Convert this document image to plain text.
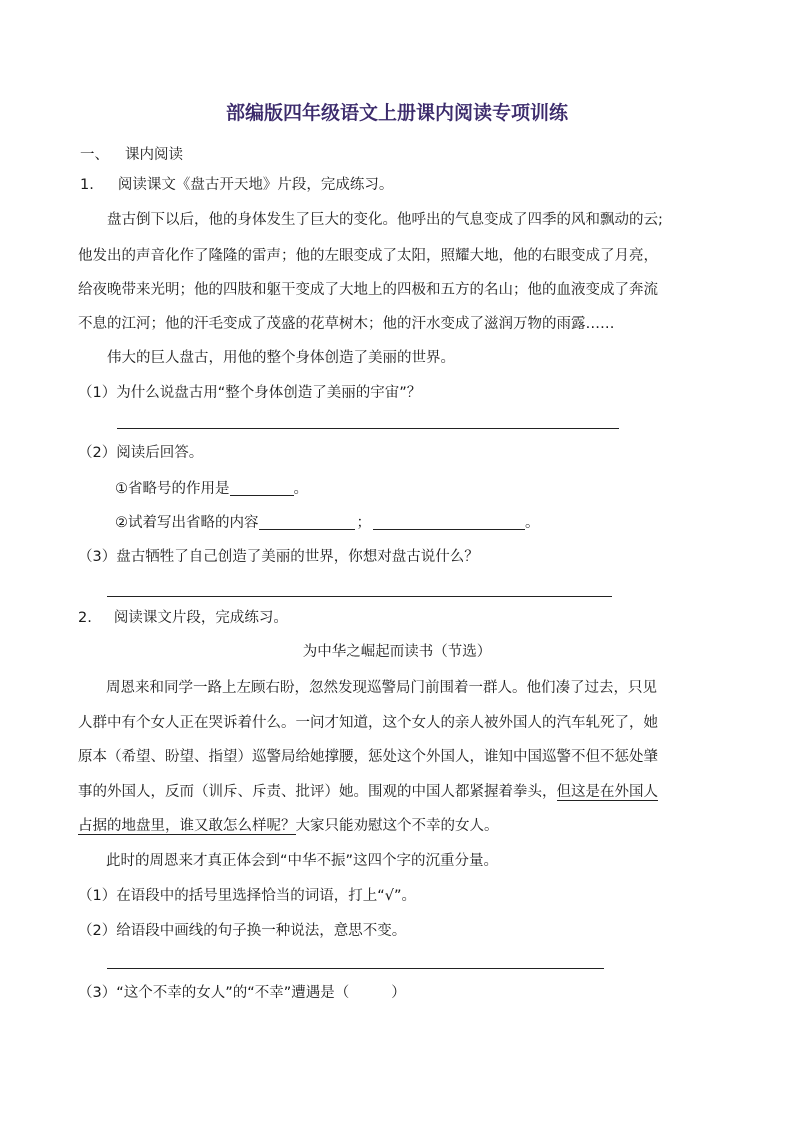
部编版四年级语文上册课内阅读专项训练
一、 课内阅读
1. 阅读课文《盘古开天地》片段，完成练习。
盘古倒下以后，他的身体发生了巨大的变化。他呼出的气息变成了四季的风和飘动的云;
他发出的声音化作了隆隆的雷声；他的左眼变成了太阳，照耀大地，他的右眼变成了月亮，
给夜晚带来光明；他的四肢和躯干变成了大地上的四极和五方的名山；他的血液变成了奔流
不息的江河；他的汗毛变成了茂盛的花草树木；他的汗水变成了滋润万物的雨露……
伟大的巨人盘古，用他的整个身体创造了美丽的世界。
（1）为什么说盘古用“整个身体创造了美丽的宇宙”？
（2）阅读后回答。
①省略号的作用是	。
②试着写出省略的内容	；	。
（3）盘古牺牲了自己创造了美丽的世界，你想对盘古说什么？
2. 阅读课文片段，完成练习。
为中华之崛起而读书（节选）
周恩来和同学一路上左顾右盼，忽然发现巡警局门前围着一群人。他们凑了过去，只见
人群中有个女人正在哭诉着什么。一问才知道，这个女人的亲人被外国人的汽车轧死了，她
原本（希望、盼望、指望）巡警局给她撑腰，惩处这个外国人，谁知中国巡警不但不惩处肇
事的外国人，反而（训斥、斥责、批评）她。围观的中国人都紧握着拳头，但这是在外国人
占据的地盘里，谁又敢怎么样呢？大家只能劝慰这个不幸的女人。
此时的周恩来才真正体会到“中华不振”这四个字的沉重分量。
（1）在语段中的括号里选择恰当的词语，打上“√”。
（2）给语段中画线的句子换一种说法，意思不变。
（3）“这个不幸的女人”的“不幸”遭遇是（	）
